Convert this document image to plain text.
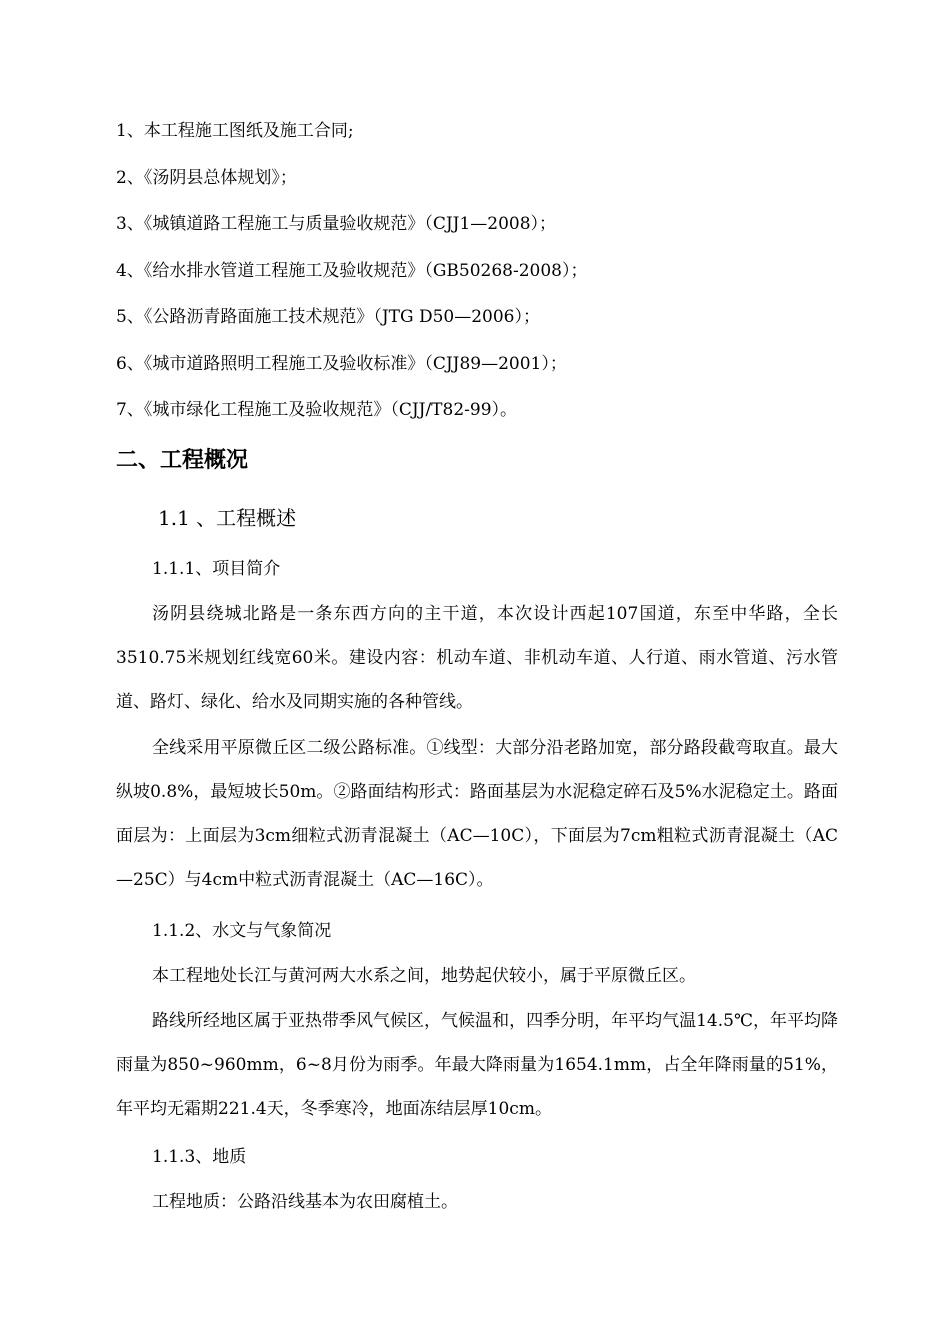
1、本工程施工图纸及施工合同;
2、《汤阴县总体规划》；
3、《城镇道路工程施工与质量验收规范》（CJJ1—2008）；
4、《给水排水管道工程施工及验收规范》（GB50268-2008）；
5、《公路沥青路面施工技术规范》（JTG D50—2006）；
6、《城市道路照明工程施工及验收标准》（CJJ89—2001）；
7、《城市绿化工程施工及验收规范》（CJJ/T82-99）。
二、工程概况
1.1 、工程概述
1.1.1、项目简介
汤阴县绕城北路是一条东西方向的主干道，本次设计西起107国道，东至中华路，全长3510.75米规划红线宽60米。建设内容：机动车道、非机动车道、人行道、雨水管道、污水管道、路灯、绿化、给水及同期实施的各种管线。
全线采用平原微丘区二级公路标准。①线型：大部分沿老路加宽，部分路段截弯取直。最大纵坡0.8%，最短坡长50m。②路面结构形式：路面基层为水泥稳定碎石及5%水泥稳定土。路面面层为：上面层为3cm细粒式沥青混凝土（AC—10C），下面层为7cm粗粒式沥青混凝土（AC—25C）与4cm中粒式沥青混凝土（AC—16C）。
1.1.2、水文与气象简况
本工程地处长江与黄河两大水系之间，地势起伏较小，属于平原微丘区。
路线所经地区属于亚热带季风气候区，气候温和，四季分明，年平均气温14.5℃，年平均降雨量为850~960mm，6~8月份为雨季。年最大降雨量为1654.1mm，占全年降雨量的51%，年平均无霜期221.4天，冬季寒冷，地面冻结层厚10cm。
1.1.3、地质
工程地质：公路沿线基本为农田腐植土。
